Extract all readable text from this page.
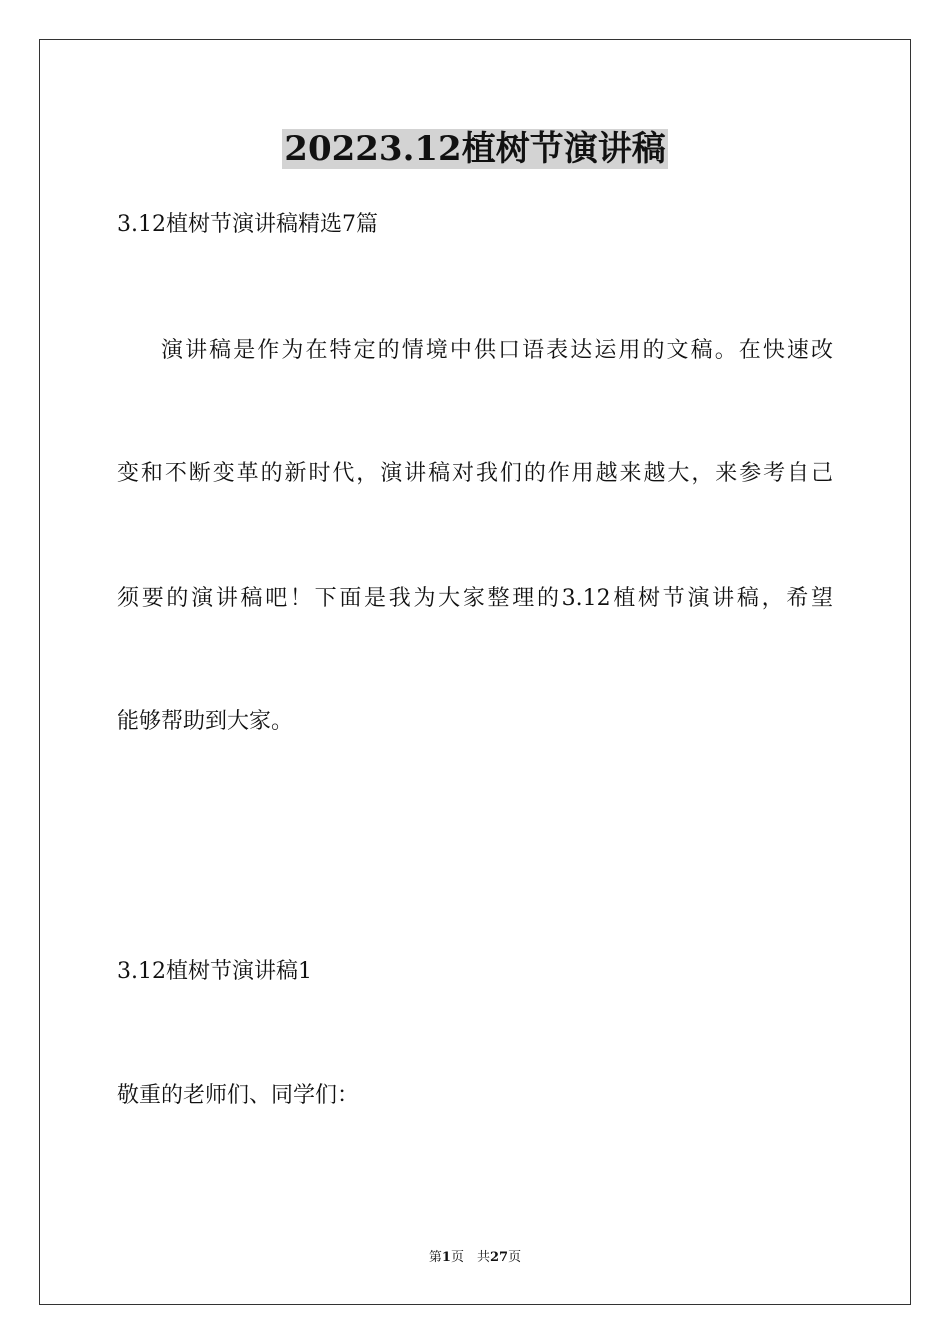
20223.12植树节演讲稿
3.12植树节演讲稿精选7篇
演讲稿是作为在特定的情境中供口语表达运用的文稿。在快速改
变和不断变革的新时代，演讲稿对我们的作用越来越大，来参考自己
须要的演讲稿吧！下面是我为大家整理的3.12植树节演讲稿，希望
能够帮助到大家。
3.12植树节演讲稿1
敬重的老师们、同学们：
第1页　共27页
